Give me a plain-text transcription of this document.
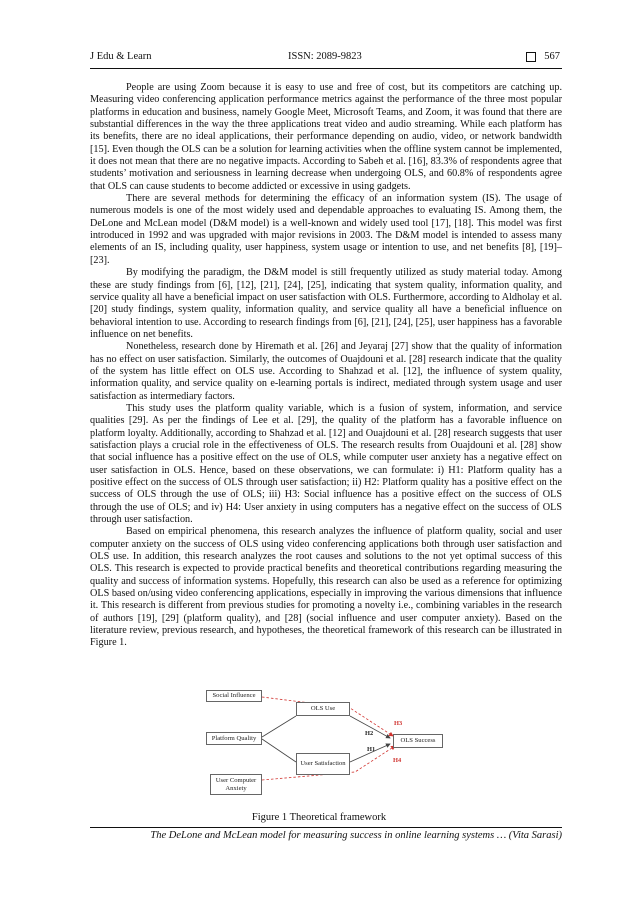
J Edu & Learn	ISSN: 2089-9823	567

People are using Zoom because it is easy to use and free of cost, but its competitors are catching up. Measuring video conferencing application performance metrics against the performance of the three most popular platforms in education and business, namely Google Meet, Microsoft Teams, and Zoom, it was found that there are substantial differences in the way the three applications treat video and audio streaming. While each platform has its benefits, there are no ideal applications, their performance depending on audio, video, or network bandwidth [15]. Even though the OLS can be a solution for learning activities when the offline system cannot be implemented, it does not mean that there are no negative impacts. According to Sabeh et al. [16], 83.3% of respondents agree that students’ motivation and seriousness in learning decrease when undergoing OLS, and 60.8% of respondents agree that OLS can cause students to become addicted or excessive in using gadgets.

There are several methods for determining the efficacy of an information system (IS). The usage of numerous models is one of the most widely used and dependable approaches to evaluating IS. Among them, the DeLone and McLean model (D&M model) is a well-known and widely used tool [17], [18]. This model was first introduced in 1992 and was upgraded with major revisions in 2003. The D&M model is intended to assess many elements of an IS, including quality, user happiness, system usage or intention to use, and net benefits [8], [19]–[23].

By modifying the paradigm, the D&M model is still frequently utilized as study material today. Among these are study findings from [6], [12], [21], [24], [25], indicating that system quality, information quality, and service quality all have a beneficial impact on user satisfaction with OLS. Furthermore, according to Aldholay et al. [20] study findings, system quality, information quality, and service quality all have a beneficial influence on behavioral intention to use. According to research findings from [6], [21], [24], [25], user happiness has a favorable influence on net benefits.

Nonetheless, research done by Hiremath et al. [26] and Jeyaraj [27] show that the quality of information has no effect on user satisfaction. Similarly, the outcomes of Ouajdouni et al. [28] research indicate that the quality of the system has little effect on OLS use. According to Shahzad et al. [12], the influence of system quality, information quality, and service quality on e-learning portals is indirect, mediated through system usage and user satisfaction as intermediary factors.

This study uses the platform quality variable, which is a fusion of system, information, and service qualities [29]. As per the findings of Lee et al. [29], the quality of the platform has a favorable influence on platform loyalty. Additionally, according to Shahzad et al. [12] and Ouajdouni et al. [28] research suggests that user satisfaction plays a crucial role in the effectiveness of OLS. The research results from Ouajdouni et al. [28] show that social influence has a positive effect on the use of OLS, while computer user anxiety has a negative effect on user satisfaction in OLS. Hence, based on these observations, we can formulate: i) H1: Platform quality has a positive effect on the success of OLS through user satisfaction; ii) H2: Platform quality has a positive effect on the success of OLS through the use of OLS; iii) H3: Social influence has a positive effect on the success of OLS through the use of OLS; and iv) H4: User anxiety in using computers has a negative effect on the success of OLS through user satisfaction.

Based on empirical phenomena, this research analyzes the influence of platform quality, social and user computer anxiety on the success of OLS using video conferencing applications both through user satisfaction and OLS use. In addition, this research analyzes the root causes and solutions to the not yet optimal success of this OLS. This research is expected to provide practical benefits and theoretical contributions regarding measuring the quality and success of information systems. Hopefully, this research can also be used as a reference for optimizing OLS based on/using video conferencing applications, especially in improving the various dimensions that influence it. This research is different from previous studies for promoting a novelty i.e., combining variables in the research of authors [19], [29] (platform quality), and [28] (social influence and user computer anxiety). Based on the literature review, previous research, and hypotheses, the theoretical framework of this research can be illustrated in Figure 1.

Social Influence
Platform Quality
User Computer Anxiety
OLS Use
User Satisfaction
OLS Success
H2
H1
H3
H4
Figure 1 Theoretical framework
The DeLone and McLean model for measuring success in online learning systems … (Vita Sarasi)
